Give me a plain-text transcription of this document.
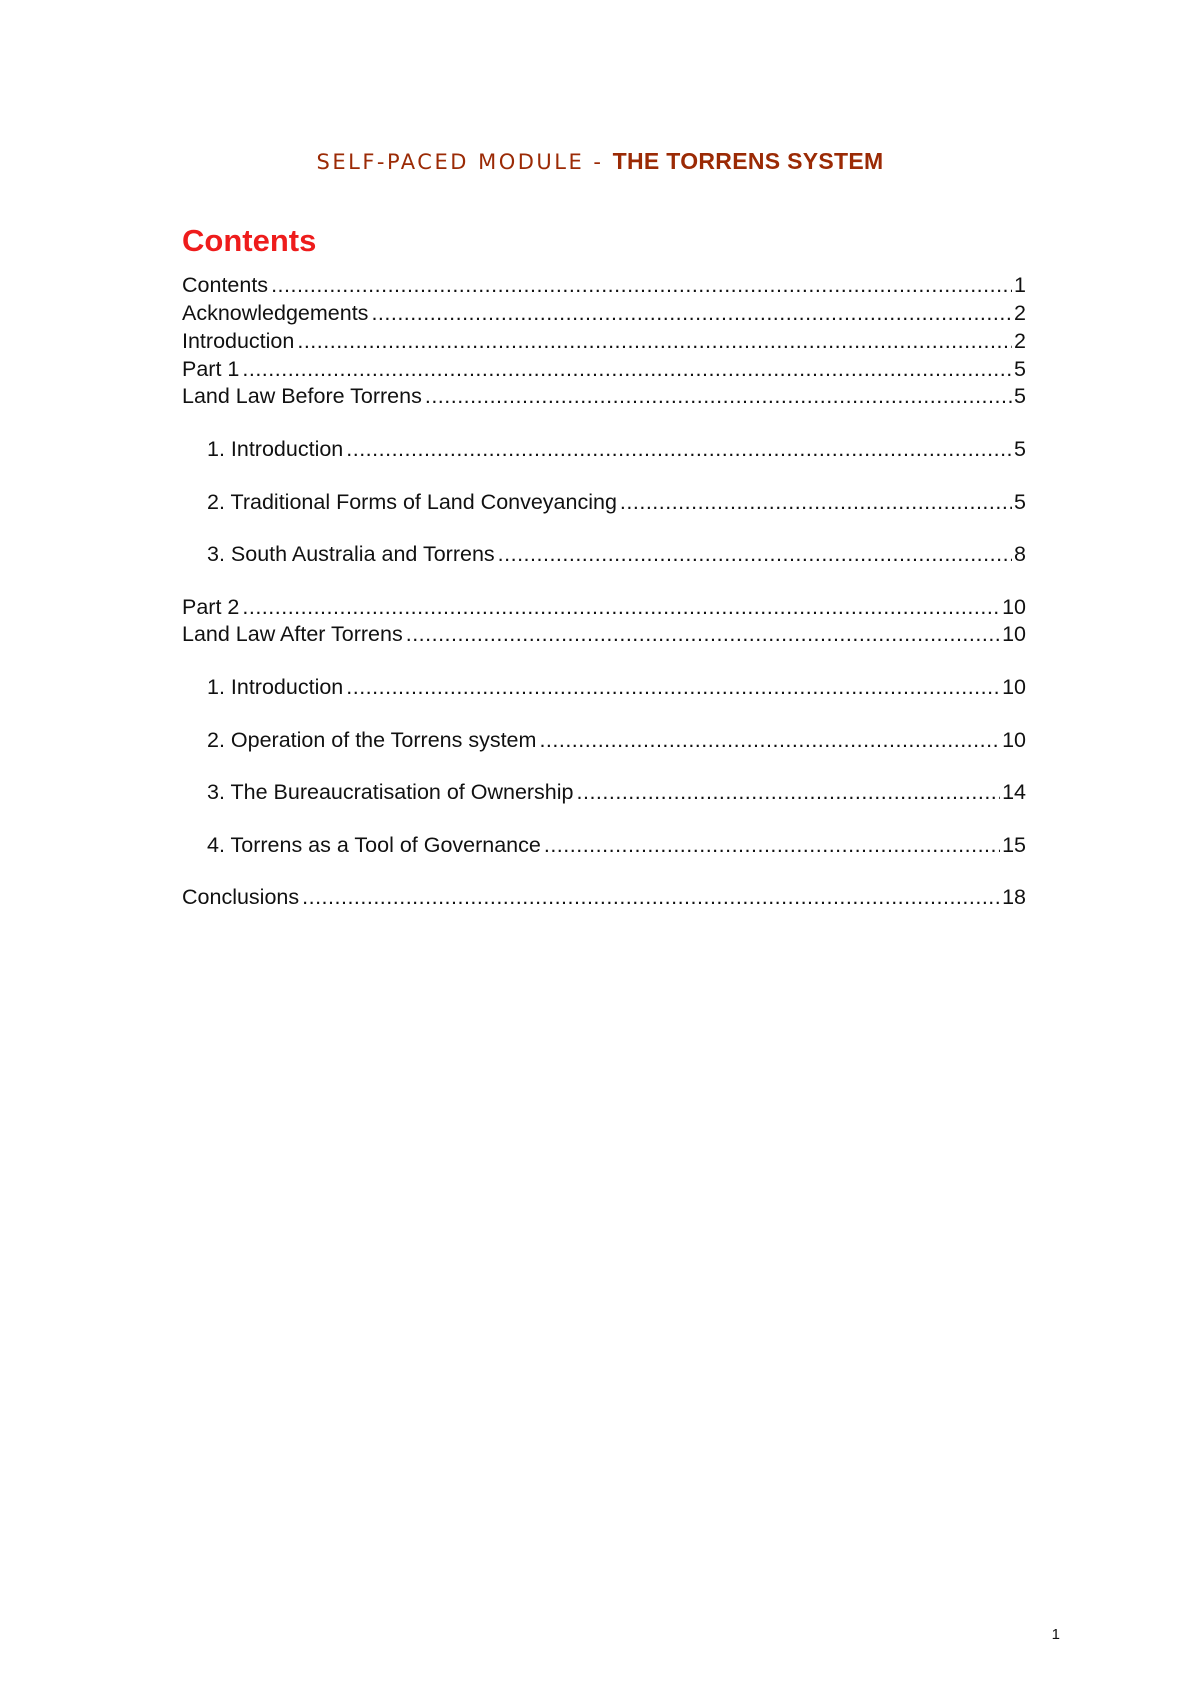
SELF-PACED MODULE - THE TORRENS SYSTEM
Contents
Contents .....	1
Acknowledgements .....	2
Introduction .....	2
Part 1 .....	5
Land Law Before Torrens .....	5
1. Introduction .....	5
2. Traditional Forms of Land Conveyancing .....	5
3. South Australia and Torrens .....	8
Part 2 .....	10
Land Law After Torrens .....	10
1. Introduction .....	10
2. Operation of the Torrens system .....	10
3. The Bureaucratisation of Ownership .....	14
4. Torrens as a Tool of Governance .....	15
Conclusions .....	18
1
